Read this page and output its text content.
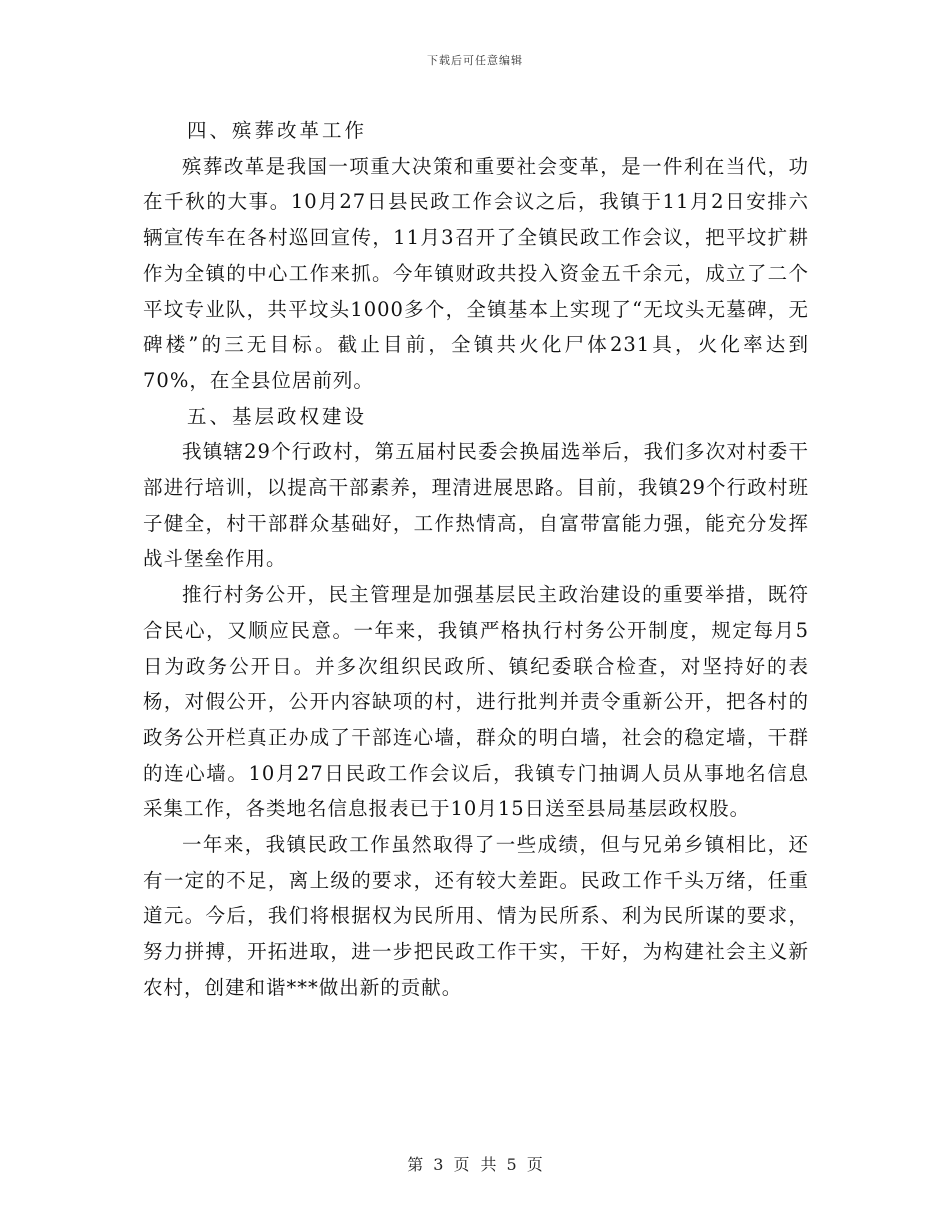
下载后可任意编辑

四、殡葬改革工作

殡葬改革是我国一项重大决策和重要社会变革，是一件利在当代，功在千秋的大事。10月27日县民政工作会议之后，我镇于11月2日安排六辆宣传车在各村巡回宣传，11月3召开了全镇民政工作会议，把平坟扩耕作为全镇的中心工作来抓。今年镇财政共投入资金五千余元，成立了二个平坟专业队，共平坟头1000多个，全镇基本上实现了“无坟头无墓碑，无碑楼”的三无目标。截止目前，全镇共火化尸体231具，火化率达到70%，在全县位居前列。

五、基层政权建设

我镇辖29个行政村，第五届村民委会换届选举后，我们多次对村委干部进行培训，以提高干部素养，理清进展思路。目前，我镇29个行政村班子健全，村干部群众基础好，工作热情高，自富带富能力强，能充分发挥战斗堡垒作用。

推行村务公开，民主管理是加强基层民主政治建设的重要举措，既符合民心，又顺应民意。一年来，我镇严格执行村务公开制度，规定每月5日为政务公开日。并多次组织民政所、镇纪委联合检查，对坚持好的表杨，对假公开，公开内容缺项的村，进行批判并责令重新公开，把各村的政务公开栏真正办成了干部连心墙，群众的明白墙，社会的稳定墙，干群的连心墙。10月27日民政工作会议后，我镇专门抽调人员从事地名信息采集工作，各类地名信息报表已于10月15日送至县局基层政权股。

一年来，我镇民政工作虽然取得了一些成绩，但与兄弟乡镇相比，还有一定的不足，离上级的要求，还有较大差距。民政工作千头万绪，任重道元。今后，我们将根据权为民所用、情为民所系、利为民所谋的要求，努力拼搏，开拓进取，进一步把民政工作干实，干好，为构建社会主义新农村，创建和谐***做出新的贡献。

第 3 页 共 5 页
